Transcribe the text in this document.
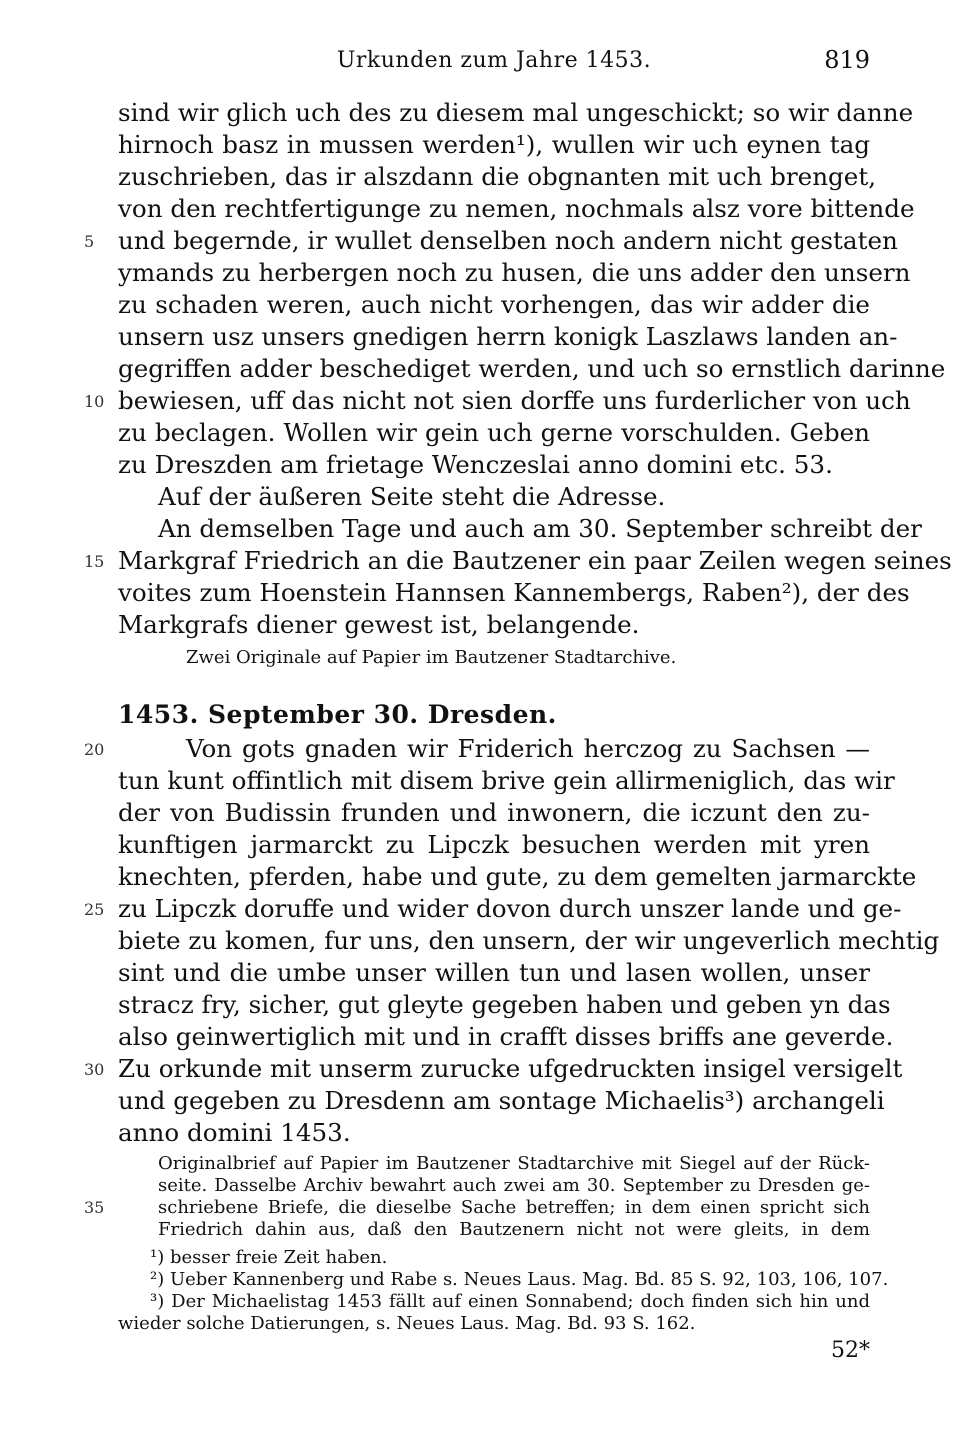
Urkunden zum Jahre 1453.	819
sind wir glich uch des zu diesem mal ungeschickt; so wir danne
hirnoch basz in mussen werden¹), wullen wir uch eynen tag
zuschrieben, das ir alszdann die obgnanten mit uch brenget,
von den rechtfertigunge zu nemen, nochmals alsz vore bittende
und begernde, ir wullet denselben noch andern nicht gestaten
ymands zu herbergen noch zu husen, die uns adder den unsern
zu schaden weren, auch nicht vorhengen, das wir adder die
unsern usz unsers gnedigen herrn konigk Laszlaws landen an-
gegriffen adder beschediget werden, und uch so ernstlich darinne
bewiesen, uff das nicht not sien dorffe uns furderlicher von uch
zu beclagen. Wollen wir gein uch gerne vorschulden. Geben
zu Dreszden am frietage Wenczeslai anno domini etc. 53.
Auf der äußeren Seite steht die Adresse.
An demselben Tage und auch am 30. September schreibt der
Markgraf Friedrich an die Bautzener ein paar Zeilen wegen seines
voites zum Hoenstein Hannsen Kannembergs, Raben²), der des
Markgrafs diener gewest ist, belangende.
Zwei Originale auf Papier im Bautzener Stadtarchive.
1453. September 30. Dresden.
Von gots gnaden wir Friderich herczog zu Sachsen —
tun kunt offintlich mit disem brive gein allirmeniglich, das wir
der von Budissin frunden und inwonern, die iczunt den zu-
kunftigen jarmarckt zu Lipczk besuchen werden mit yren
knechten, pferden, habe und gute, zu dem gemelten jarmarckte
zu Lipczk doruffe und wider dovon durch unszer lande und ge-
biete zu komen, fur uns, den unsern, der wir ungeverlich mechtig
sint und die umbe unser willen tun und lasen wollen, unser
stracz fry, sicher, gut gleyte gegeben haben und geben yn das
also geinwertiglich mit und in crafft disses briffs ane geverde.
Zu orkunde mit unserm zurucke ufgedruckten insigel versigelt
und gegeben zu Dresdenn am sontage Michaelis³) archangeli
anno domini 1453.
Originalbrief auf Papier im Bautzener Stadtarchive mit Siegel auf der Rück-
seite. Dasselbe Archiv bewahrt auch zwei am 30. September zu Dresden ge-
schriebene Briefe, die dieselbe Sache betreffen; in dem einen spricht sich
Friedrich dahin aus, daß den Bautzenern nicht not were gleits, in dem
¹) besser freie Zeit haben.
²) Ueber Kannenberg und Rabe s. Neues Laus. Mag. Bd. 85 S. 92, 103, 106, 107.
³) Der Michaelistag 1453 fällt auf einen Sonnabend; doch finden sich hin und
wieder solche Datierungen, s. Neues Laus. Mag. Bd. 93 S. 162.
52*
5
10
15
20
25
30
35
